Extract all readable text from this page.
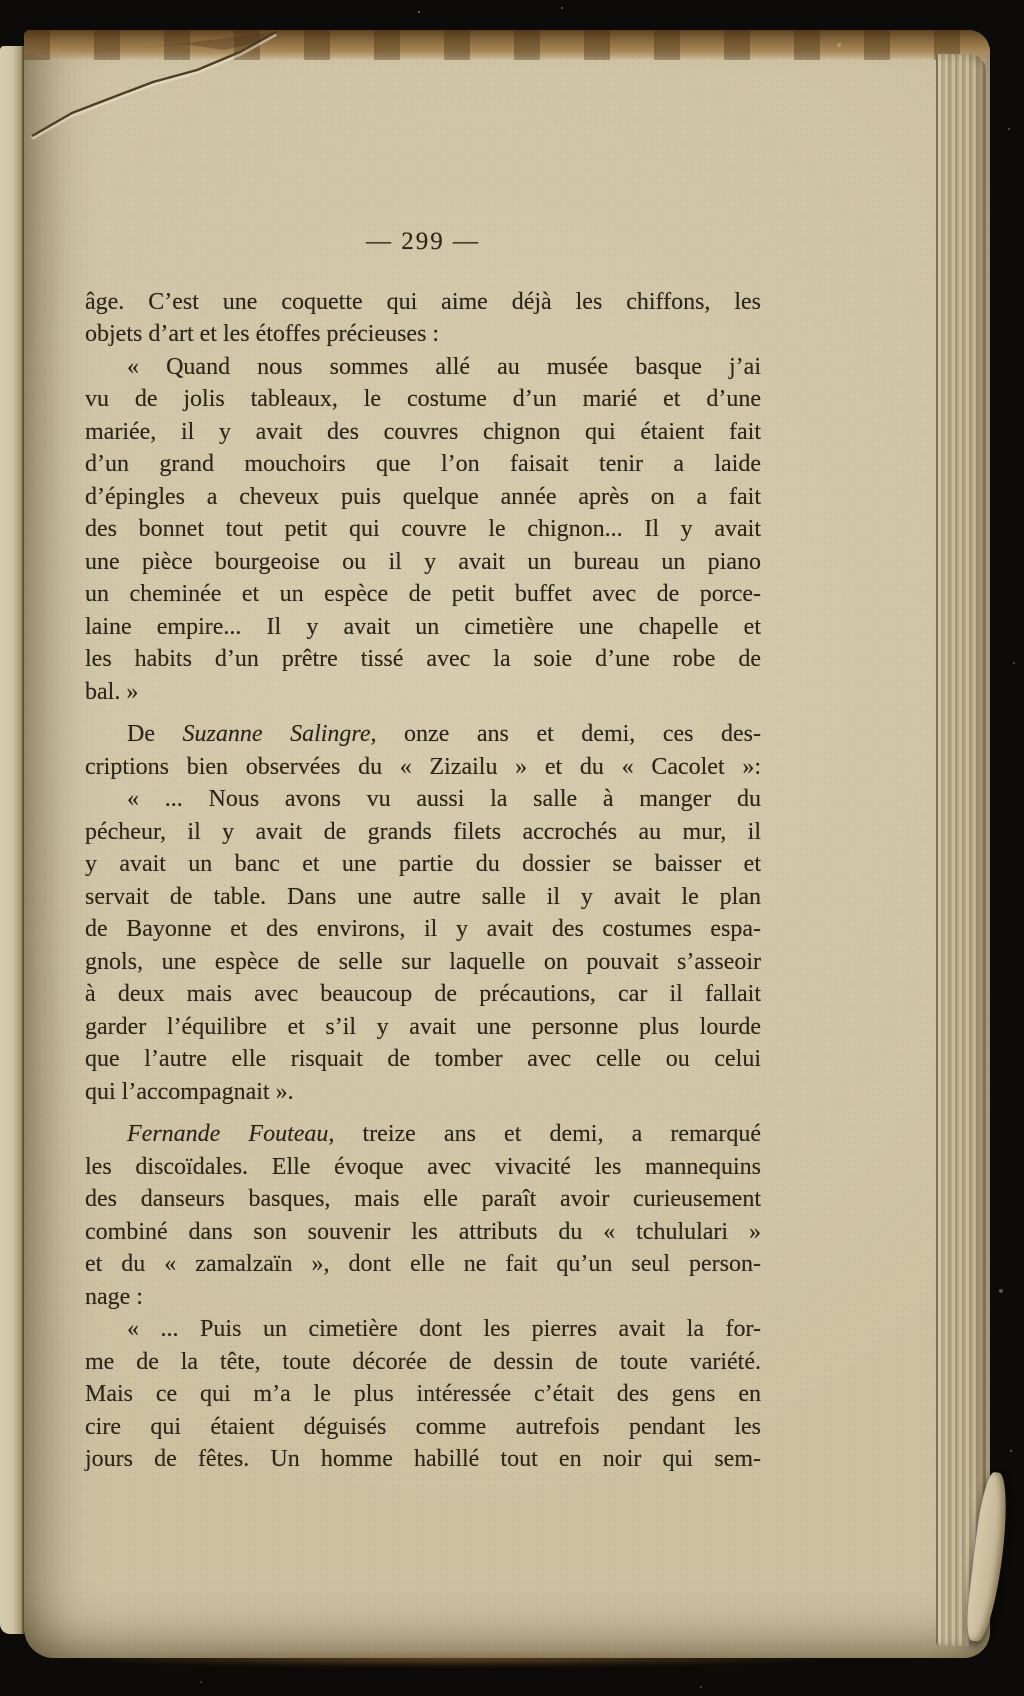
— 299 —
âge. C’est une coquette qui aime déjà les chiffons, les
objets d’art et les étoffes précieuses :
« Quand nous sommes allé au musée basque j’ai
vu de jolis tableaux, le costume d’un marié et d’une
mariée, il y avait des couvres chignon qui étaient fait
d’un grand mouchoirs que l’on faisait tenir a laide
d’épingles a cheveux puis quelque année après on a fait
des bonnet tout petit qui couvre le chignon... Il y avait
une pièce bourgeoise ou il y avait un bureau un piano
un cheminée et un espèce de petit buffet avec de porce-
laine empire... Il y avait un cimetière une chapelle et
les habits d’un prêtre tissé avec la soie d’une robe de
bal. »
De Suzanne Salingre, onze ans et demi, ces des-
criptions bien observées du « Zizailu » et du « Cacolet »:
« ... Nous avons vu aussi la salle à manger du
pécheur, il y avait de grands filets accrochés au mur, il
y avait un banc et une partie du dossier se baisser et
servait de table. Dans une autre salle il y avait le plan
de Bayonne et des environs, il y avait des costumes espa-
gnols, une espèce de selle sur laquelle on pouvait s’asseoir
à deux mais avec beaucoup de précautions, car il fallait
garder l’équilibre et s’il y avait une personne plus lourde
que l’autre elle risquait de tomber avec celle ou celui
qui l’accompagnait ».
Fernande Fouteau, treize ans et demi, a remarqué
les discoïdales. Elle évoque avec vivacité les mannequins
des danseurs basques, mais elle paraît avoir curieusement
combiné dans son souvenir les attributs du « tchululari »
et du « zamalzaïn », dont elle ne fait qu’un seul person-
nage :
« ... Puis un cimetière dont les pierres avait la for-
me de la tête, toute décorée de dessin de toute variété.
Mais ce qui m’a le plus intéressée c’était des gens en
cire qui étaient déguisés comme autrefois pendant les
jours de fêtes. Un homme habillé tout en noir qui sem-
